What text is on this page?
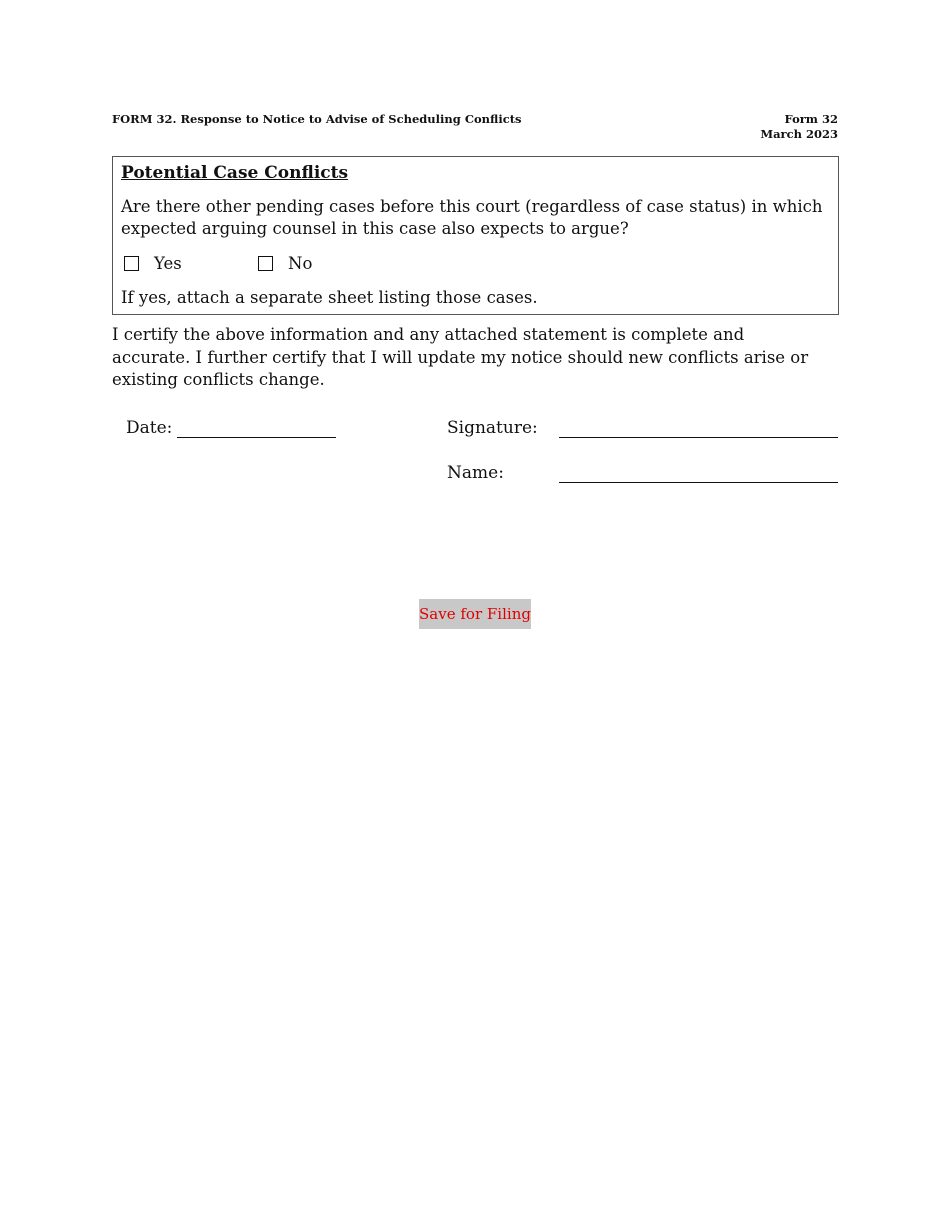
FORM 32. Response to Notice to Advise of Scheduling Conflicts	Form 32
March 2023
Potential Case Conflicts
Are there other pending cases before this court (regardless of case status) in which expected arguing counsel in this case also expects to argue?
Yes	No
If yes, attach a separate sheet listing those cases.
I certify the above information and any attached statement is complete and accurate. I further certify that I will update my notice should new conflicts arise or existing conflicts change.
Date:	Signature:
Name:
Save for Filing
